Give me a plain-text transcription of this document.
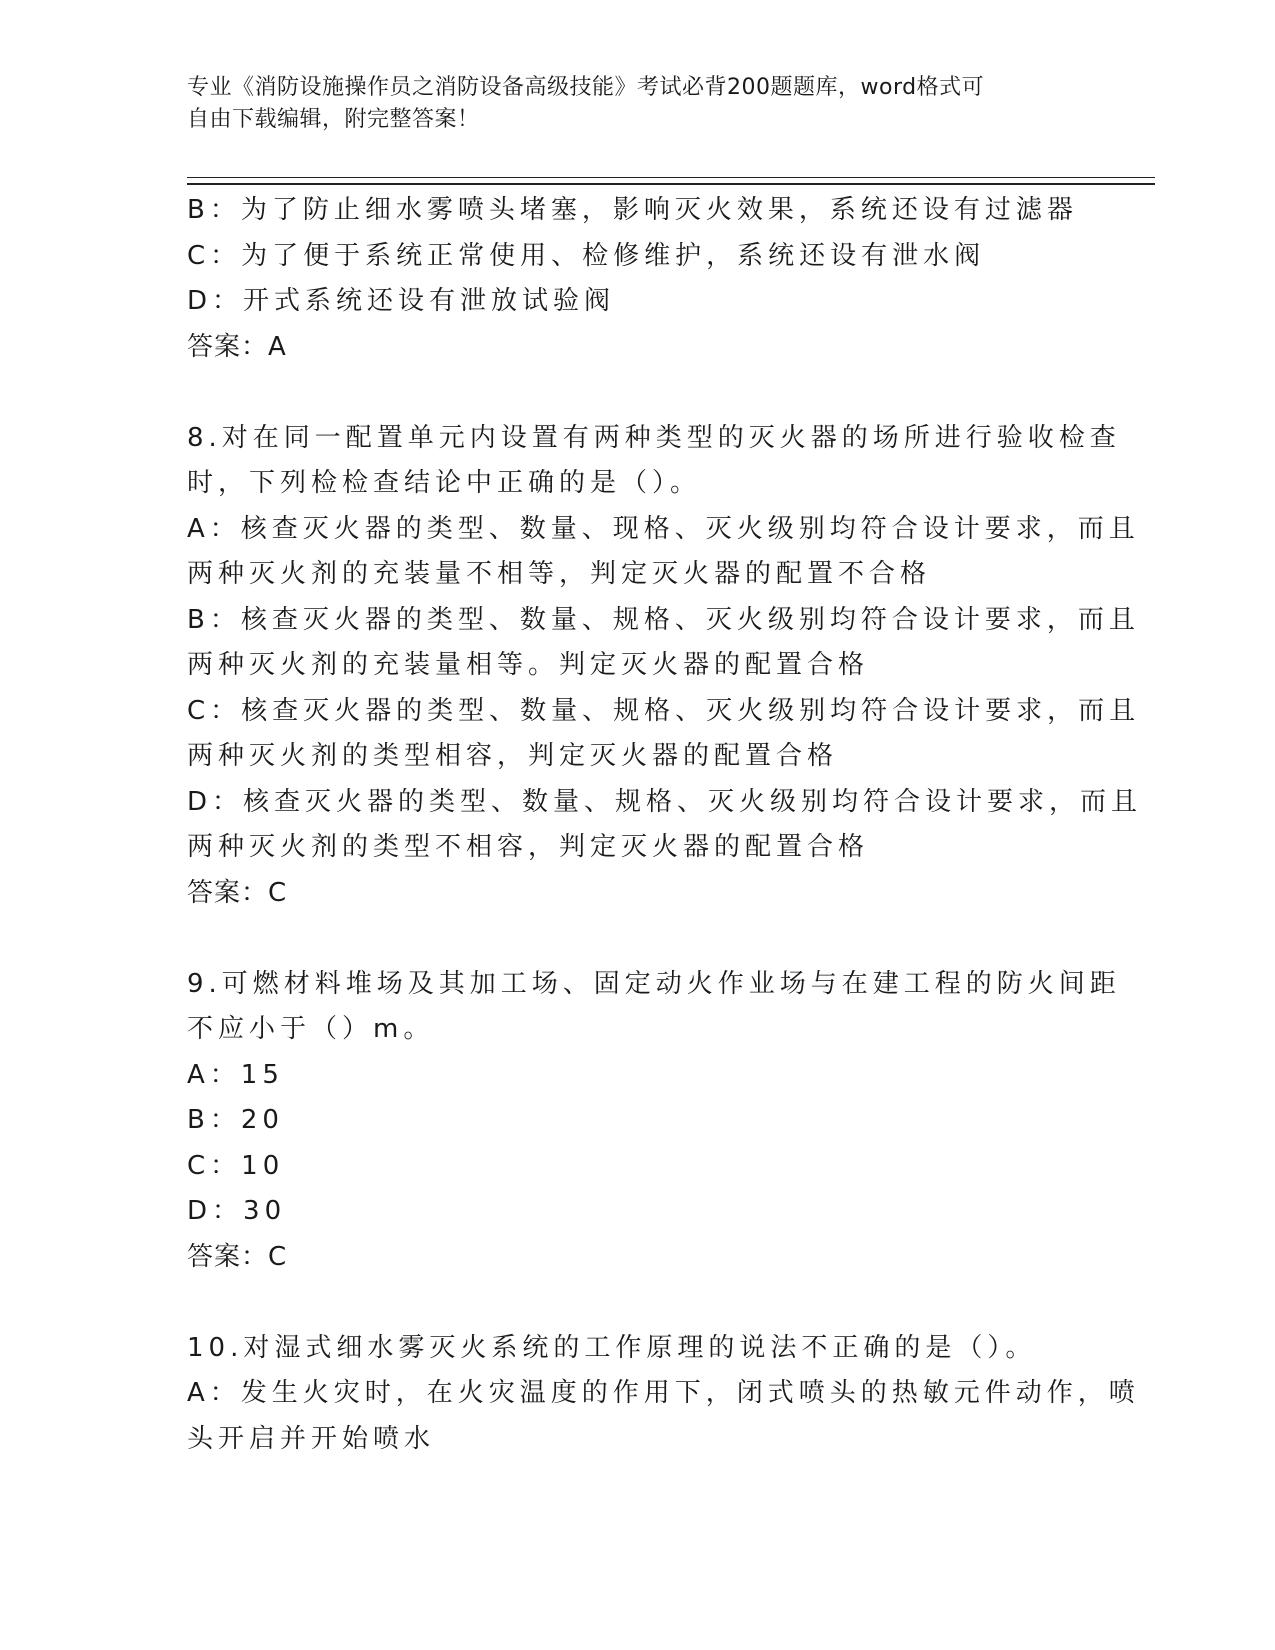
专业《消防设施操作员之消防设备高级技能》考试必背200题题库，word格式可
自由下载编辑，附完整答案！
B：为了防止细水雾喷头堵塞，影响灭火效果，系统还设有过滤器
C：为了便于系统正常使用、检修维护，系统还设有泄水阀
D：开式系统还设有泄放试验阀
答案：A
8.对在同一配置单元内设置有两种类型的灭火器的场所进行验收检查
时，下列检检查结论中正确的是（）。
A：核查灭火器的类型、数量、现格、灭火级别均符合设计要求，而且
两种灭火剂的充装量不相等，判定灭火器的配置不合格
B：核查灭火器的类型、数量、规格、灭火级别均符合设计要求，而且
两种灭火剂的充装量相等。判定灭火器的配置合格
C：核查灭火器的类型、数量、规格、灭火级别均符合设计要求，而且
两种灭火剂的类型相容，判定灭火器的配置合格
D：核查灭火器的类型、数量、规格、灭火级别均符合设计要求，而且
两种灭火剂的类型不相容，判定灭火器的配置合格
答案：C
9.可燃材料堆场及其加工场、固定动火作业场与在建工程的防火间距
不应小于（）m。
A：15
B：20
C：10
D：30
答案：C
10.对湿式细水雾灭火系统的工作原理的说法不正确的是（）。
A：发生火灾时，在火灾温度的作用下，闭式喷头的热敏元件动作，喷
头开启并开始喷水
